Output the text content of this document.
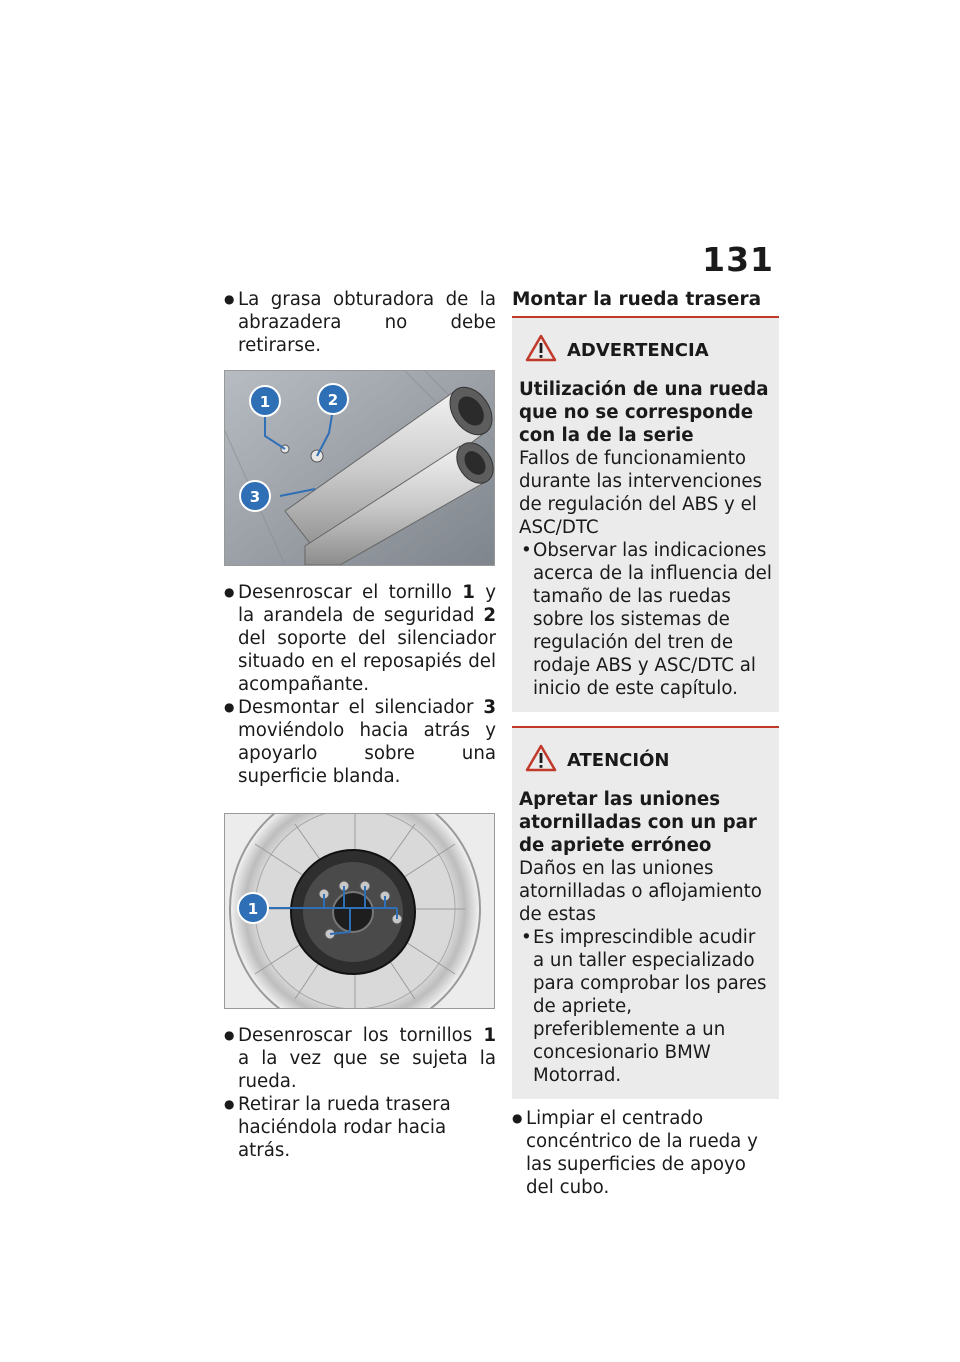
131
● La grasa obturadora de la abrazadera no debe retirarse.
1	2
3
● Desenroscar el tornillo 1 y la arandela de seguridad 2 del soporte del silenciador situado en el reposapiés del acompañante.
● Desmontar el silenciador 3 moviéndolo hacia atrás y apoyarlo sobre una superficie blanda.
1
● Desenroscar los tornillos 1 a la vez que se sujeta la rueda.
● Retirar la rueda trasera haciéndola rodar hacia atrás.
Montar la rueda trasera
ADVERTENCIA
Utilización de una rueda que no se corresponde con la de la serie
Fallos de funcionamiento durante las intervenciones de regulación del ABS y el ASC/DTC
• Observar las indicaciones acerca de la influencia del tamaño de las ruedas sobre los sistemas de regulación del tren de rodaje ABS y ASC/DTC al inicio de este capítulo.
ATENCIÓN
Apretar las uniones atornilladas con un par de apriete erróneo
Daños en las uniones atornilladas o aflojamiento de estas
• Es imprescindible acudir a un taller especializado para comprobar los pares de apriete, preferiblemente a un concesionario BMW Motorrad.
● Limpiar el centrado concéntrico de la rueda y las superficies de apoyo del cubo.
